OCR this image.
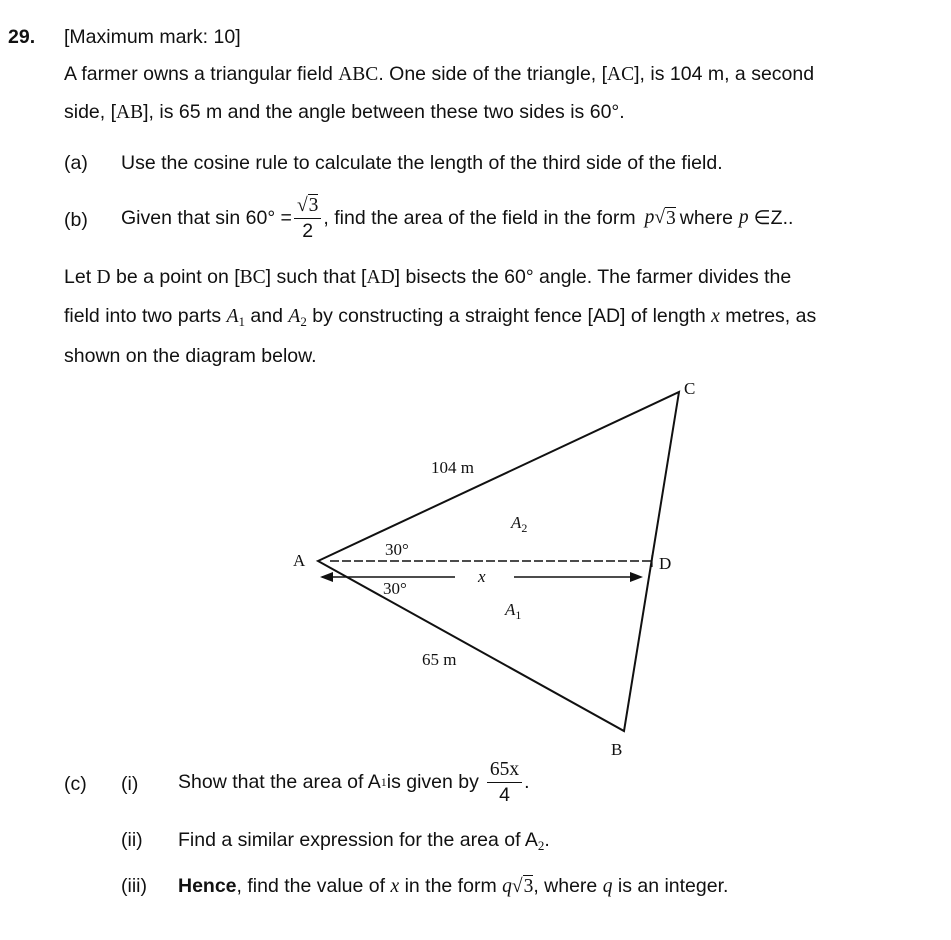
29. [Maximum mark: 10]
A farmer owns a triangular field ABC. One side of the triangle, [AC], is 104 m, a second
side, [AB], is 65 m and the angle between these two sides is 60°.
(a) Use the cosine rule to calculate the length of the third side of the field.
(b) Given that $\sin 60^\circ = \frac{√3}{2}$ , find the area of the field in the form p √ 3 where p ∈Z..
Let D be a point on [BC] such that [AD] bisects the 60° angle. The farmer divides the
field into two parts $A_1$ and $A_2$ by constructing a straight fence [AD] of length x metres, as
shown on the diagram below.
C
A	D
B
104 m
65 m
30°
30°
x
$A_2$
$A_1$
(c) (i) Show that the area of A 1 is given by $\frac{65x}{4}$ .
(ii) Find a similar expression for the area of $A_2$.
(iii) Hence, find the value of x in the form q√3, where q is an integer.
